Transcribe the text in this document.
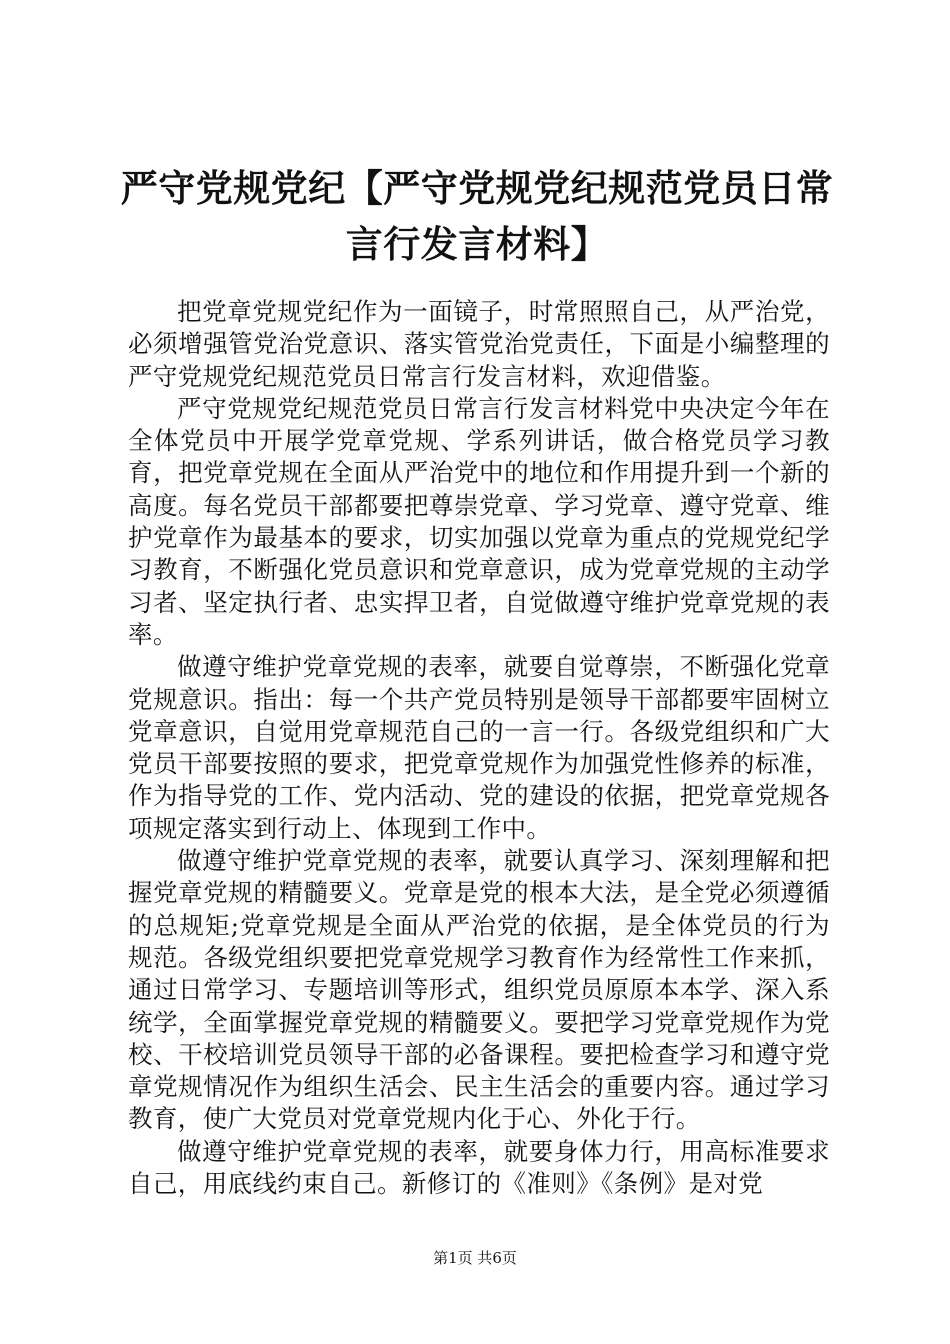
严守党规党纪【严守党规党纪规范党员日常言行发言材料】

把党章党规党纪作为一面镜子，时常照照自己，从严治党，必须增强管党治党意识、落实管党治党责任，下面是小编整理的严守党规党纪规范党员日常言行发言材料，欢迎借鉴。

严守党规党纪规范党员日常言行发言材料党中央决定今年在全体党员中开展学党章党规、学系列讲话，做合格党员学习教育，把党章党规在全面从严治党中的地位和作用提升到一个新的高度。每名党员干部都要把尊崇党章、学习党章、遵守党章、维护党章作为最基本的要求，切实加强以党章为重点的党规党纪学习教育，不断强化党员意识和党章意识，成为党章党规的主动学习者、坚定执行者、忠实捍卫者，自觉做遵守维护党章党规的表率。

做遵守维护党章党规的表率，就要自觉尊崇，不断强化党章党规意识。指出：每一个共产党员特别是领导干部都要牢固树立党章意识，自觉用党章规范自己的一言一行。各级党组织和广大党员干部要按照的要求，把党章党规作为加强党性修养的标准，作为指导党的工作、党内活动、党的建设的依据，把党章党规各项规定落实到行动上、体现到工作中。

做遵守维护党章党规的表率，就要认真学习、深刻理解和把握党章党规的精髓要义。党章是党的根本大法，是全党必须遵循的总规矩;党章党规是全面从严治党的依据，是全体党员的行为规范。各级党组织要把党章党规学习教育作为经常性工作来抓，通过日常学习、专题培训等形式，组织党员原原本本学、深入系统学，全面掌握党章党规的精髓要义。要把学习党章党规作为党校、干校培训党员领导干部的必备课程。要把检查学习和遵守党章党规情况作为组织生活会、民主生活会的重要内容。通过学习教育，使广大党员对党章党规内化于心、外化于行。

做遵守维护党章党规的表率，就要身体力行，用高标准要求自己，用底线约束自己。新修订的《准则》《条例》是对党

第1页 共6页
